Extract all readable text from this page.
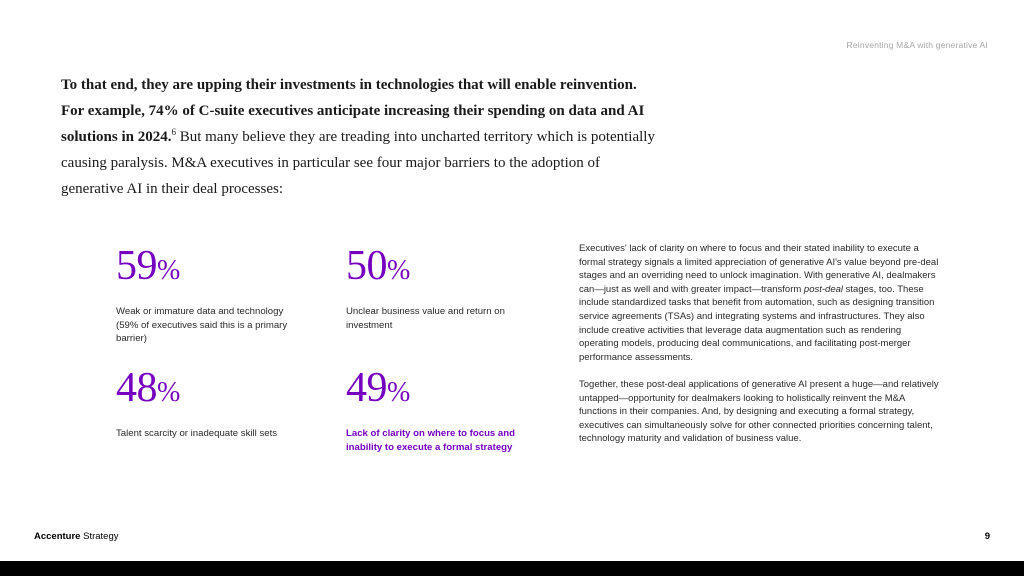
Reinventing M&A with generative AI
To that end, they are upping their investments in technologies that will enable reinvention. For example, 74% of C-suite executives anticipate increasing their spending on data and AI solutions in 2024.$^6$ But many believe they are treading into uncharted territory which is potentially causing paralysis. M&A executives in particular see four major barriers to the adoption of generative AI in their deal processes:
59%
Weak or immature data and technology (59% of executives said this is a primary barrier)
50%
Unclear business value and return on investment
48%
Talent scarcity or inadequate skill sets
49%
Lack of clarity on where to focus and inability to execute a formal strategy

Executives' lack of clarity on where to focus and their stated inability to execute a formal strategy signals a limited appreciation of generative AI's value beyond pre-deal stages and an overriding need to unlock imagination. With generative AI, dealmakers can—just as well and with greater impact—transform post-deal stages, too. These include standardized tasks that benefit from automation, such as designing transition service agreements (TSAs) and integrating systems and infrastructures. They also include creative activities that leverage data augmentation such as rendering operating models, producing deal communications, and facilitating post-merger performance assessments.

Together, these post-deal applications of generative AI present a huge—and relatively untapped—opportunity for dealmakers looking to holistically reinvent the M&A functions in their companies. And, by designing and executing a formal strategy, executives can simultaneously solve for other connected priorities concerning talent, technology maturity and validation of business value.

Accenture Strategy	9
